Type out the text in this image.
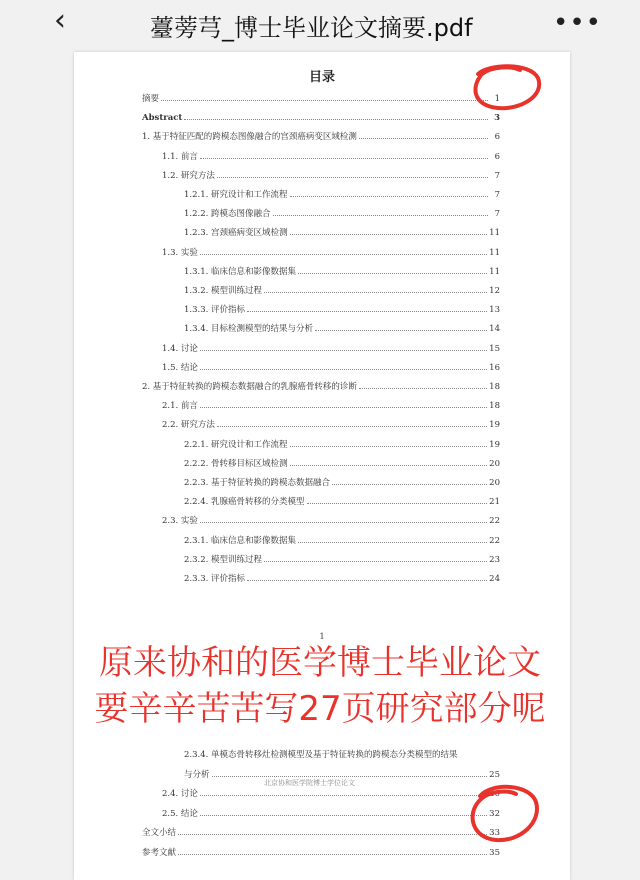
‹	薹蒡芎_博士毕业论文摘要.pdf	•••
目录
摘要	1
Abstract	3
1. 基于特征匹配的跨模态图像融合的宫颈癌病变区域检测	6
1.1. 前言	6
1.2. 研究方法	7
1.2.1. 研究设计和工作流程	7
1.2.2. 跨模态图像融合	7
1.2.3. 宫颈癌病变区域检测	11
1.3. 实验	11
1.3.1. 临床信息和影像数据集	11
1.3.2. 模型训练过程	12
1.3.3. 评价指标	13
1.3.4. 目标检测模型的结果与分析	14
1.4. 讨论	15
1.5. 结论	16
2. 基于特征转换的跨模态数据融合的乳腺癌骨转移的诊断	18
2.1. 前言	18
2.2. 研究方法	19
2.2.1. 研究设计和工作流程	19
2.2.2. 骨转移目标区域检测	20
2.2.3. 基于特征转换的跨模态数据融合	20
2.2.4. 乳腺癌骨转移的分类模型	21
2.3. 实验	22
2.3.1. 临床信息和影像数据集	22
2.3.2. 模型训练过程	23
2.3.3. 评价指标	24
1
北京协和医学院博士学位论文
2.3.4. 单模态骨转移灶检测模型及基于特征转换的跨模态分类模型的结果
与分析	25
2.4. 讨论	30
2.5. 结论	32
全文小结	33
参考文献	35
原来协和的医学博士毕业论文
要辛辛苦苦写27页研究部分呢
